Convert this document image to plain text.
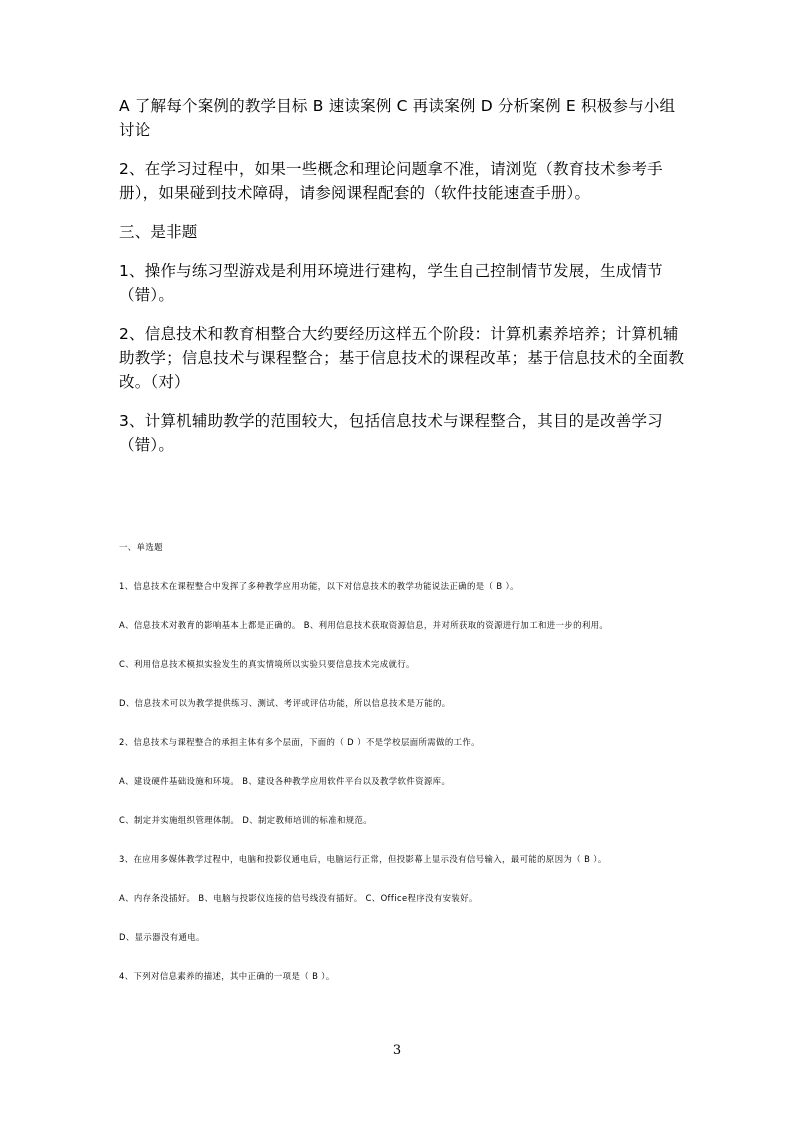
A 了解每个案例的教学目标 B 速读案例 C 再读案例 D 分析案例 E 积极参与小组讨论

2、在学习过程中，如果一些概念和理论问题拿不准，请浏览（教育技术参考手册），如果碰到技术障碍，请参阅课程配套的（软件技能速查手册）。

三、是非题

1、操作与练习型游戏是利用环境进行建构，学生自己控制情节发展，生成情节（错）。

2、信息技术和教育相整合大约要经历这样五个阶段：计算机素养培养；计算机辅助教学；信息技术与课程整合；基于信息技术的课程改革；基于信息技术的全面教改。（对）

3、计算机辅助教学的范围较大，包括信息技术与课程整合，其目的是改善学习（错）。

一、单选题

1、信息技术在课程整合中发挥了多种教学应用功能，以下对信息技术的教学功能说法正确的是（ B ）。

A、信息技术对教育的影响基本上都是正确的。 B、利用信息技术获取资源信息，并对所获取的资源进行加工和进一步的利用。

C、利用信息技术模拟实验发生的真实情境所以实验只要信息技术完成就行。

D、信息技术可以为教学提供练习、测试、考评或评估功能，所以信息技术是万能的。

2、信息技术与课程整合的承担主体有多个层面，下面的（ D ）不是学校层面所需做的工作。

A、建设硬件基础设施和环境。 B、建设各种教学应用软件平台以及教学软件资源库。

C、制定并实施组织管理体制。 D、制定教师培训的标准和规范。

3、在应用多媒体教学过程中，电脑和投影仪通电后，电脑运行正常，但投影幕上显示没有信号输入，最可能的原因为（ B ）。

A、内存条没插好。 B、电脑与投影仪连接的信号线没有插好。 C、Office程序没有安装好。

D、显示器没有通电。

4、下列对信息素养的描述，其中正确的一项是（ B ）。

3
